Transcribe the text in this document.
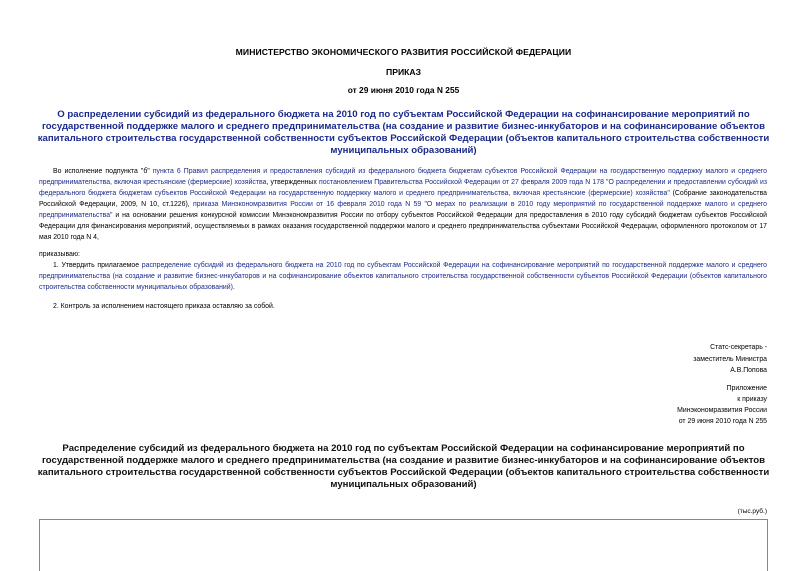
МИНИСТЕРСТВО ЭКОНОМИЧЕСКОГО РАЗВИТИЯ РОССИЙСКОЙ ФЕДЕРАЦИИ
ПРИКАЗ
от 29 июня 2010 года N 255
О распределении субсидий из федерального бюджета на 2010 год по субъектам Российской Федерации на софинансирование мероприятий по государственной поддержке малого и среднего предпринимательства (на создание и развитие бизнес-инкубаторов и на софинансирование объектов капитального строительства государственной собственности субъектов Российской Федерации (объектов капитального строительства собственности муниципальных образований)
Во исполнение подпункта "б" пункта 6 Правил распределения и предоставления субсидий из федерального бюджета бюджетам субъектов Российской Федерации на государственную поддержку малого и среднего предпринимательства, включая крестьянские (фермерские) хозяйства, утвержденных постановлением Правительства Российской Федерации от 27 февраля 2009 года N 178 "О распределении и предоставлении субсидий из федерального бюджета бюджетам субъектов Российской Федерации на государственную поддержку малого и среднего предпринимательства, включая крестьянские (фермерские) хозяйства" (Собрание законодательства Российской Федерации, 2009, N 10, ст.1226), приказа Минэкономразвития России от 16 февраля 2010 года N 59 "О мерах по реализации в 2010 году мероприятий по государственной поддержке малого и среднего предпринимательства" и на основании решения конкурсной комиссии Минэкономразвития России по отбору субъектов Российской Федерации для предоставления в 2010 году субсидий бюджетам субъектов Российской Федерации для финансирования мероприятий, осуществляемых в рамках оказания государственной поддержки малого и среднего предпринимательства субъектами Российской Федерации, оформленного протоколом от 17 мая 2010 года N 4,
приказываю:
1. Утвердить прилагаемое распределение субсидий из федерального бюджета на 2010 год по субъектам Российской Федерации на софинансирование мероприятий по государственной поддержке малого и среднего предпринимательства (на создание и развитие бизнес-инкубаторов и на софинансирование объектов капитального строительства государственной собственности субъектов Российской Федерации (объектов капитального строительства собственности муниципальных образований).
2. Контроль за исполнением настоящего приказа оставляю за собой.
Статс-секретарь -
заместитель Министра
А.В.Попова
Приложение
к приказу
Минэкономразвития России
от 29 июня 2010 года N 255
Распределение субсидий из федерального бюджета на 2010 год по субъектам Российской Федерации на софинансирование мероприятий по государственной поддержке малого и среднего предпринимательства (на создание и развитие бизнес-инкубаторов и на софинансирование объектов капитального строительства государственной собственности субъектов Российской Федерации (объектов капитального строительства собственности муниципальных образований)
(тыс.руб.)
